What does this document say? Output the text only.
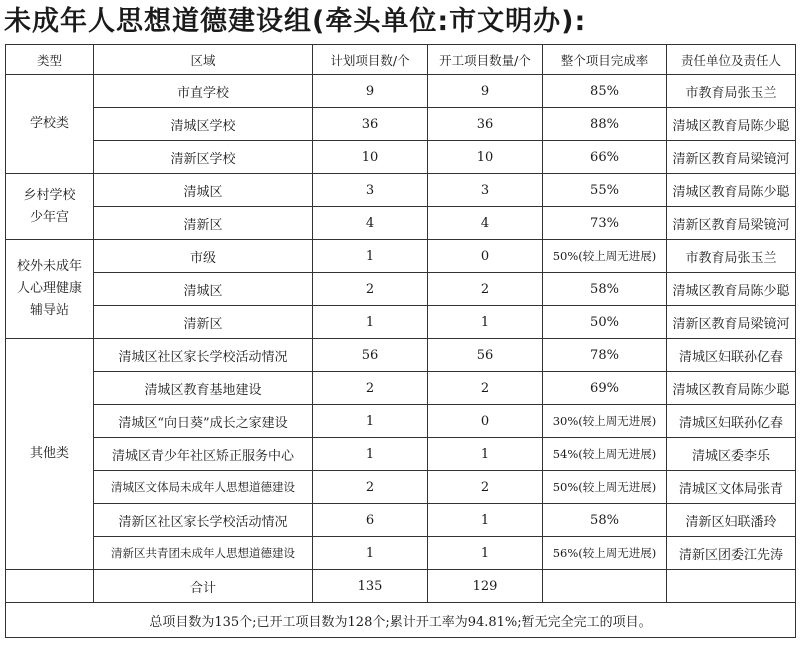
未成年人思想道德建设组(牵头单位:市文明办):
类型	区域	计划项目数/个	开工项目数量/个	整个项目完成率	责任单位及责任人

学校类	市直学校	9	9	85%	市教育局张玉兰
	清城区学校	36	36	88%	清城区教育局陈少聪
	清新区学校	10	10	66%	清新区教育局梁镜河

乡村学校
少年宫	清城区	3	3	55%	清城区教育局陈少聪
	清新区	4	4	73%	清新区教育局梁镜河

校外未成年
人心理健康
辅导站	市级	1	0	50%(较上周无进展)	市教育局张玉兰
	清城区	2	2	58%	清城区教育局陈少聪
	清新区	1	1	50%	清新区教育局梁镜河

其他类	清城区社区家长学校活动情况	56	56	78%	清城区妇联孙亿春
	清城区教育基地建设	2	2	69%	清城区教育局陈少聪
	清城区“向日葵”成长之家建设	1	0	30%(较上周无进展)	清城区妇联孙亿春
	清城区青少年社区矫正服务中心	1	1	54%(较上周无进展)	清城区委李乐
	清城区文体局未成年人思想道德建设	2	2	50%(较上周无进展)	清城区文体局张青
	清新区社区家长学校活动情况	6	1	58%	清新区妇联潘玲
	清新区共青团未成年人思想道德建设	1	1	56%(较上周无进展)	清新区团委江先涛
	合计	135	129		
总项目数为135个;已开工项目数为128个;累计开工率为94.81%;暂无完全完工的项目。					
